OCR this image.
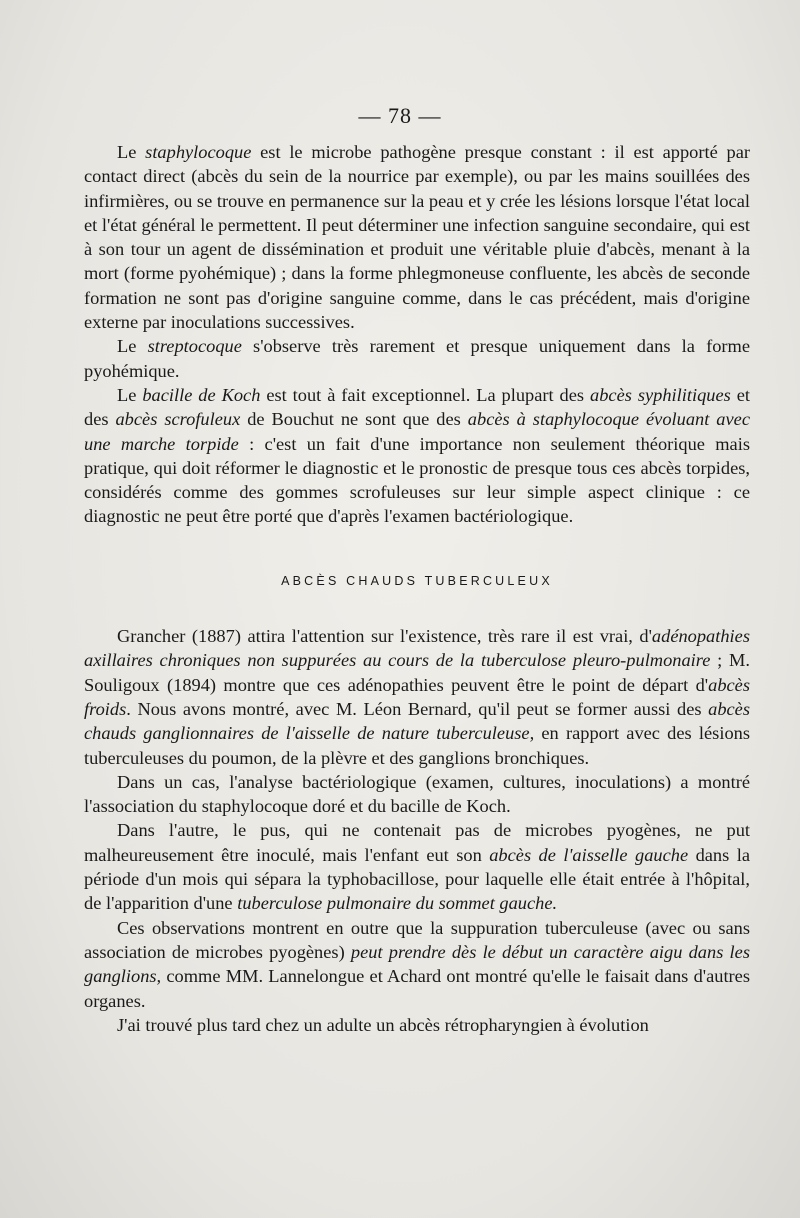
— 78 —

Le staphylocoque est le microbe pathogène presque constant : il est apporté par contact direct (abcès du sein de la nourrice par exemple), ou par les mains souillées des infirmières, ou se trouve en permanence sur la peau et y crée les lésions lorsque l'état local et l'état général le permettent. Il peut déterminer une infection sanguine secondaire, qui est à son tour un agent de dissémination et produit une véritable pluie d'abcès, menant à la mort (forme pyohémique) ; dans la forme phlegmoneuse confluente, les abcès de seconde formation ne sont pas d'origine sanguine comme, dans le cas précédent, mais d'origine externe par inoculations successives.

Le streptocoque s'observe très rarement et presque uniquement dans la forme pyohémique.

Le bacille de Koch est tout à fait exceptionnel. La plupart des abcès syphilitiques et des abcès scrofuleux de Bouchut ne sont que des abcès à staphylocoque évoluant avec une marche torpide : c'est un fait d'une importance non seulement théorique mais pratique, qui doit réformer le diagnostic et le pronostic de presque tous ces abcès torpides, considérés comme des gommes scrofuleuses sur leur simple aspect clinique : ce diagnostic ne peut être porté que d'après l'examen bactériologique.

ABCÈS CHAUDS TUBERCULEUX

Grancher (1887) attira l'attention sur l'existence, très rare il est vrai, d'adénopathies axillaires chroniques non suppurées au cours de la tuberculose pleuro-pulmonaire ; M. Souligoux (1894) montre que ces adénopathies peuvent être le point de départ d'abcès froids. Nous avons montré, avec M. Léon Bernard, qu'il peut se former aussi des abcès chauds ganglionnaires de l'aisselle de nature tuberculeuse, en rapport avec des lésions tuberculeuses du poumon, de la plèvre et des ganglions bronchiques.

Dans un cas, l'analyse bactériologique (examen, cultures, inoculations) a montré l'association du staphylocoque doré et du bacille de Koch.

Dans l'autre, le pus, qui ne contenait pas de microbes pyogènes, ne put malheureusement être inoculé, mais l'enfant eut son abcès de l'aisselle gauche dans la période d'un mois qui sépara la typhobacillose, pour laquelle elle était entrée à l'hôpital, de l'apparition d'une tuberculose pulmonaire du sommet gauche.

Ces observations montrent en outre que la suppuration tuberculeuse (avec ou sans association de microbes pyogènes) peut prendre dès le début un caractère aigu dans les ganglions, comme MM. Lannelongue et Achard ont montré qu'elle le faisait dans d'autres organes.

J'ai trouvé plus tard chez un adulte un abcès rétropharyngien à évolution
